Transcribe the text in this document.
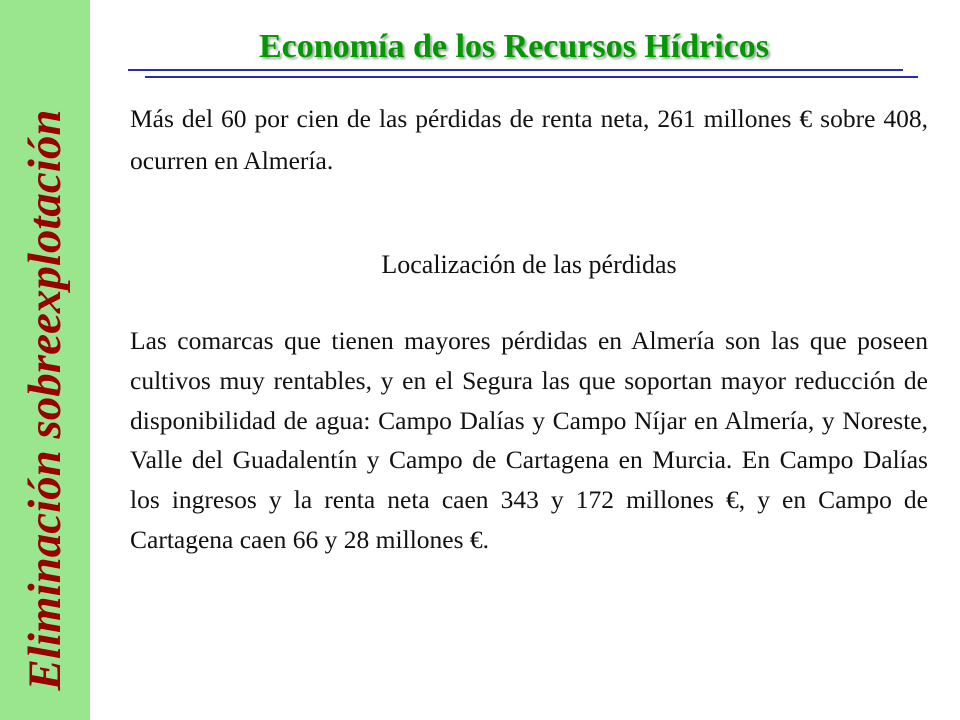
Eliminación sobreexplotación
Economía de los Recursos Hídricos

Más del 60 por cien de las pérdidas de renta neta, 261 millones € sobre 408, ocurren en Almería.

Localización de las pérdidas

Las comarcas que tienen mayores pérdidas en Almería son las que poseen cultivos muy rentables, y en el Segura las que soportan mayor reducción de disponibilidad de agua: Campo Dalías y Campo Níjar en Almería, y Noreste, Valle del Guadalentín y Campo de Cartagena en Murcia. En Campo Dalías los ingresos y la renta neta caen 343 y 172 millones €, y en Campo de Cartagena caen 66 y 28 millones €.
